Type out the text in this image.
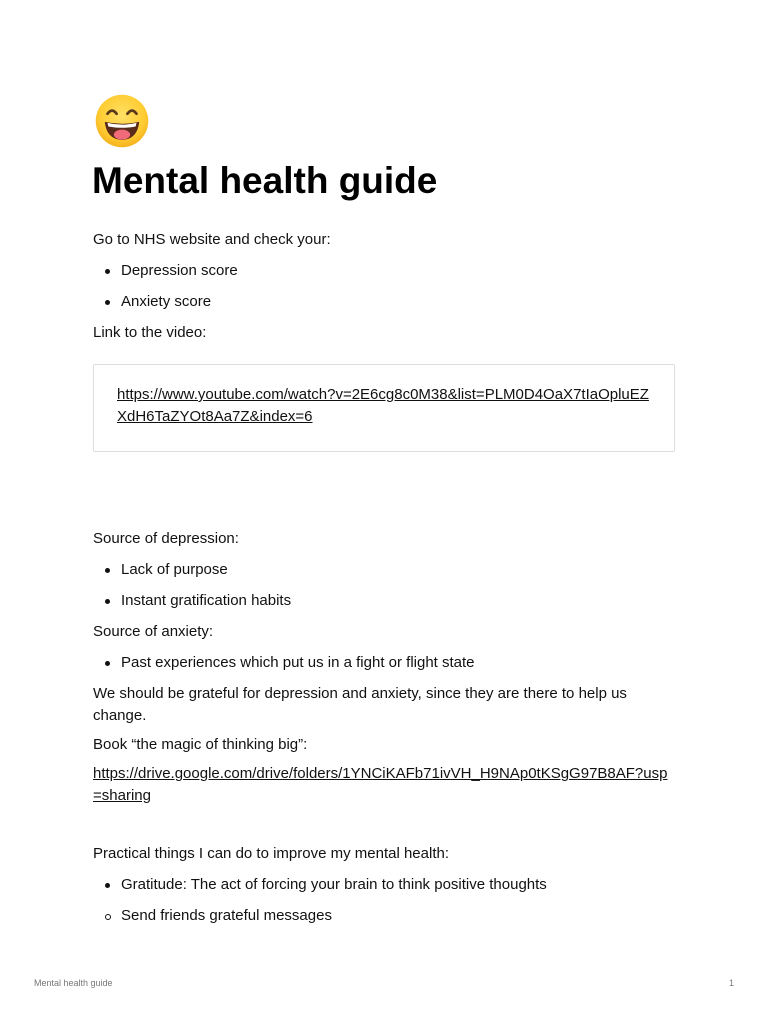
Mental health guide

Go to NHS website and check your:

Depression score
Anxiety score

Link to the video:

https://www.youtube.com/watch?v=2E6cg8c0M38&list=PLM0D4OaX7tIaOpluEZXdH6TaZYOt8Aa7Z&index=6

Source of depression:

Lack of purpose
Instant gratification habits

Source of anxiety:

Past experiences which put us in a fight or flight state

We should be grateful for depression and anxiety, since they are there to help us change.

Book “the magic of thinking big”:

https://drive.google.com/drive/folders/1YNCiKAFb71ivVH_H9NAp0tKSgG97B8AF?usp=sharing

Practical things I can do to improve my mental health:

Gratitude: The act of forcing your brain to think positive thoughts
Send friends grateful messages
Mental health guide	1
